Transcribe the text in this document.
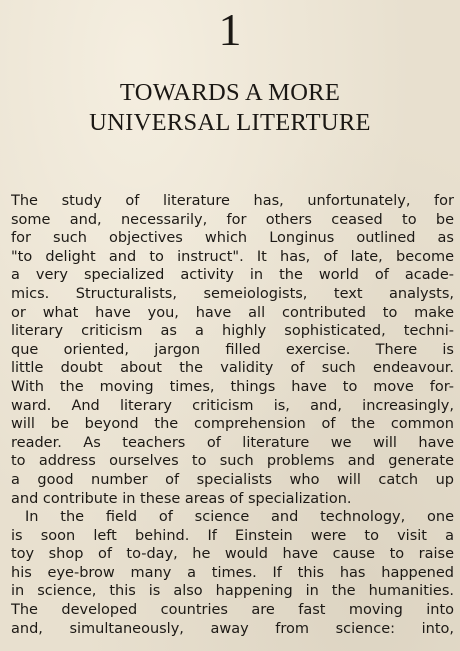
1
TOWARDS A MORE
UNIVERSAL LITERTURE
The study of literature has, unfortunately, for
some and, necessarily, for others ceased to be
for such objectives which Longinus outlined as
"to delight and to instruct". It has, of late, become
a very specialized activity in the world of acade-
mics. Structuralists, semeiologists, text analysts,
or what have you, have all contributed to make
literary criticism as a highly sophisticated, techni-
que oriented, jargon filled exercise. There is
little doubt about the validity of such endeavour.
With the moving times, things have to move for-
ward. And literary criticism is, and, increasingly,
will be beyond the comprehension of the common
reader. As teachers of literature we will have
to address ourselves to such problems and generate
a good number of specialists who will catch up
and contribute in these areas of specialization.
In the field of science and technology, one
is soon left behind. If Einstein were to visit a
toy shop of to-day, he would have cause to raise
his eye-brow many a times. If this has happened
in science, this is also happening in the humanities.
The developed countries are fast moving into
and, simultaneously, away from science: into,
